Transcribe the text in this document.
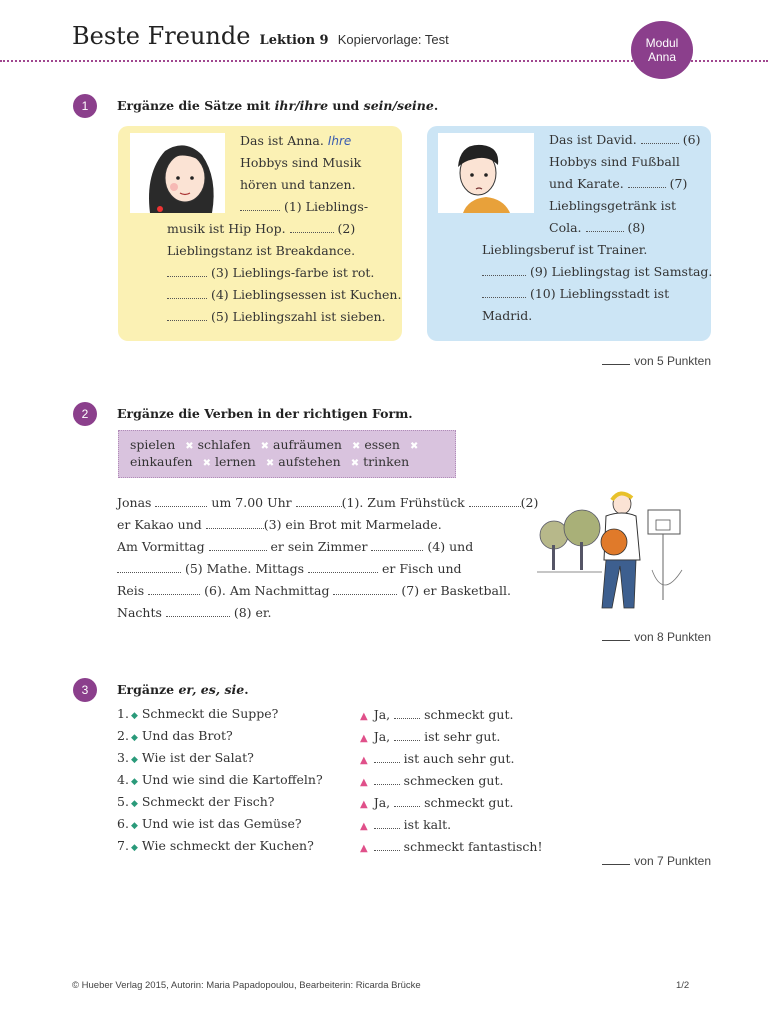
Beste Freunde Lektion 9 Kopiervorlage: Test	Modul
Anna
1	Ergänze die Sätze mit ihr/ihre und sein/seine.
Das ist Anna. Ihre
Hobbys sind Musik
hören und tanzen.
(1) Lieblings-
musik ist Hip Hop.	(2)
Lieblingstanz ist Breakdance.
(3) Lieblings-farbe ist rot.
(4) Lieblingsessen ist Kuchen.
(5) Lieblingszahl ist sieben.
Das ist David.	(6)
Hobbys sind Fußball
und Karate.	(7)
Lieblingsgetränk ist
Cola.	(8)
Lieblingsberuf ist Trainer.
(9) Lieblingstag ist Samstag.
(10) Lieblingsstadt ist
Madrid.
von 5 Punkten
2	Ergänze die Verben in der richtigen Form.
spielen ✖ schlafen ✖ aufräumen ✖ essen ✖
einkaufen ✖ lernen ✖ aufstehen ✖ trinken
Jonas	um 7.00 Uhr	(1). Zum Frühstück	(2)
er Kakao und	(3) ein Brot mit Marmelade.
Am Vormittag	er sein Zimmer	(4) und
(5) Mathe. Mittags	er Fisch und
Reis	(6). Am Nachmittag	(7) er Basketball.
Nachts	(8) er.
von 8 Punkten
3	Ergänze er, es, sie.
1. ◆ Schmeckt die Suppe?	▲ Ja,  schmeckt gut.
2. ◆ Und das Brot?	▲ Ja,  ist sehr gut.
3. ◆ Wie ist der Salat?	▲	ist auch sehr gut.
4. ◆ Und wie sind die Kartoffeln?	▲	schmecken gut.
5. ◆ Schmeckt der Fisch?	▲ Ja,  schmeckt gut.
6. ◆ Und wie ist das Gemüse?	▲	ist kalt.
7. ◆ Wie schmeckt der Kuchen?	▲	schmeckt fantastisch!
von 7 Punkten
© Hueber Verlag 2015, Autorin: Maria Papadopoulou, Bearbeiterin: Ricarda Brücke	1/2
